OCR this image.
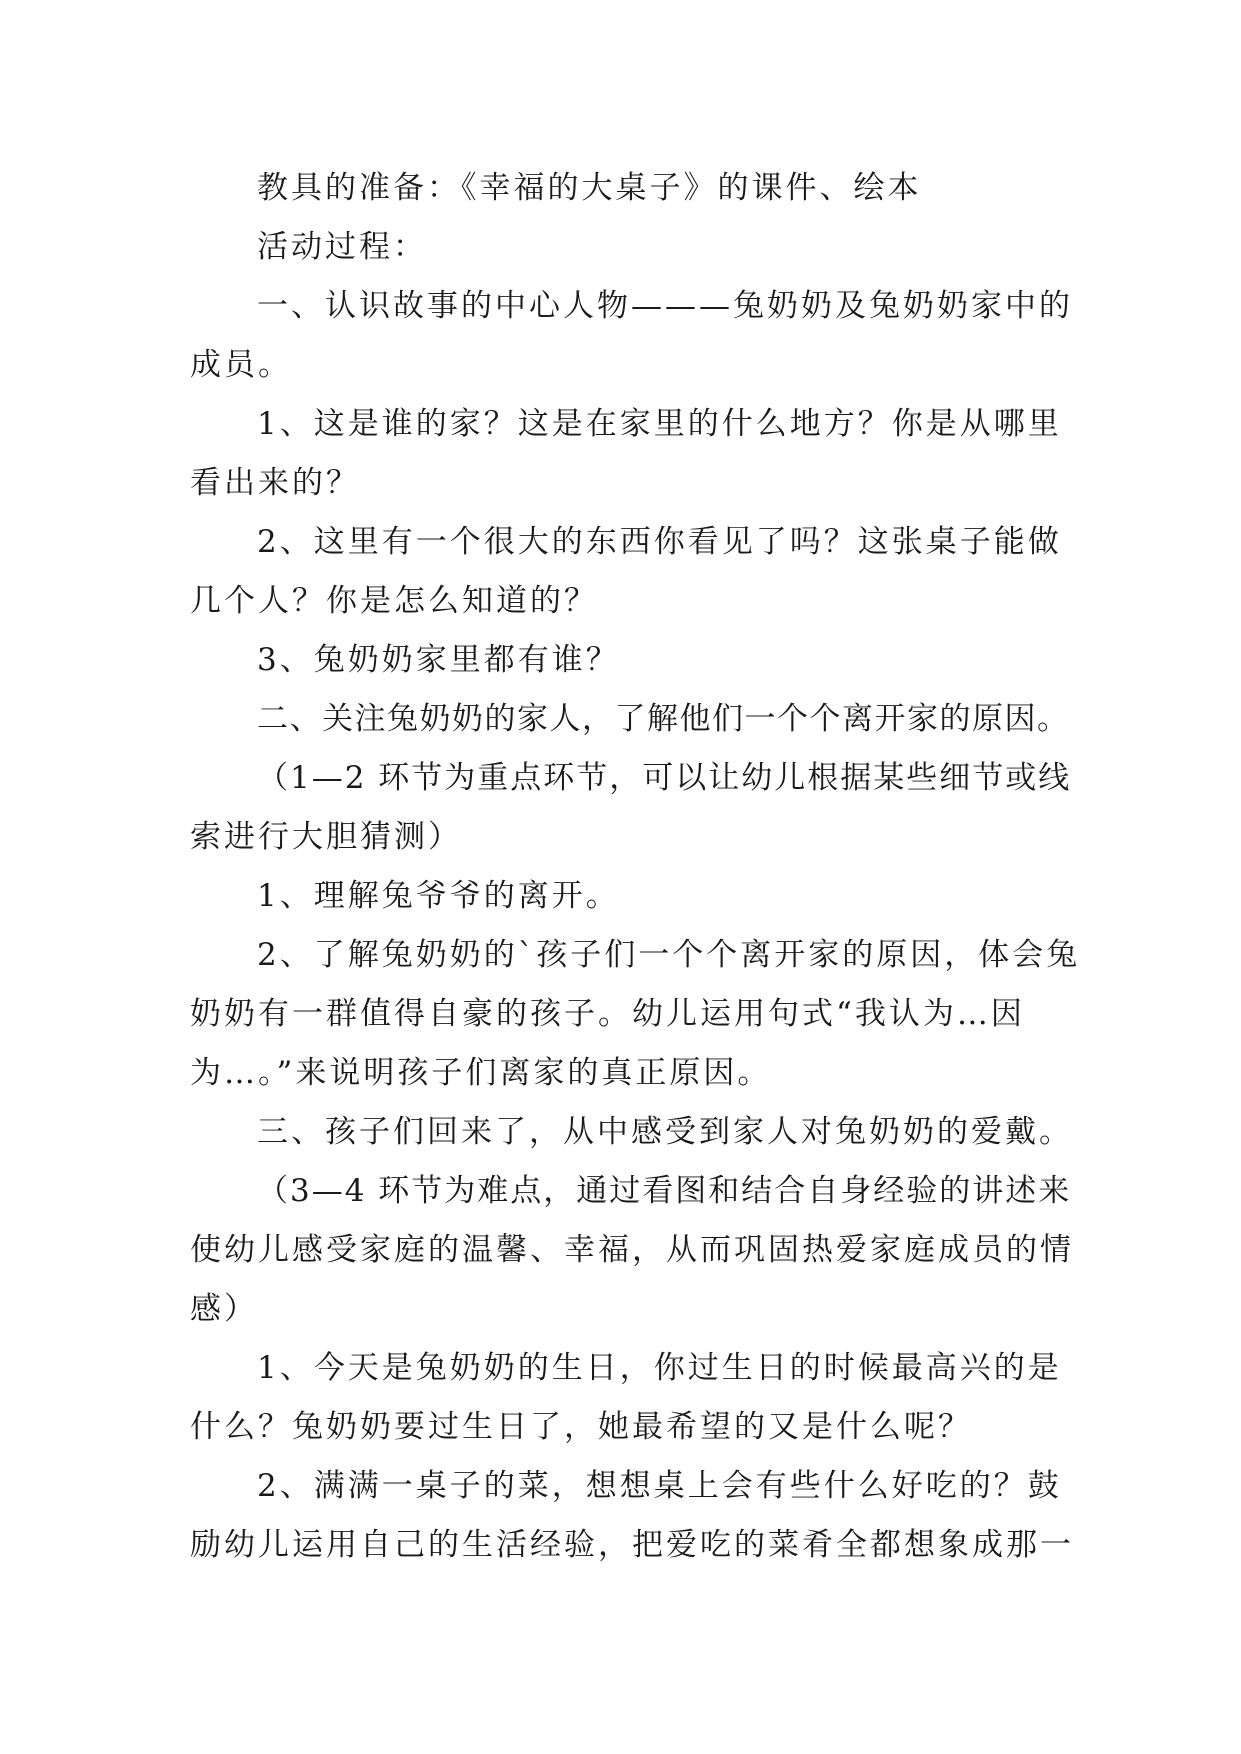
教具的准备：《幸福的大桌子》的课件、绘本
活动过程：
一、认识故事的中心人物———兔奶奶及兔奶奶家中的
成员。
1、这是谁的家？这是在家里的什么地方？你是从哪里
看出来的？
2、这里有一个很大的东西你看见了吗？这张桌子能做
几个人？你是怎么知道的？
3、兔奶奶家里都有谁？
二、关注兔奶奶的家人，了解他们一个个离开家的原因。
（1—2 环节为重点环节，可以让幼儿根据某些细节或线
索进行大胆猜测）
1、理解兔爷爷的离开。
2、了解兔奶奶的`孩子们一个个离开家的原因，体会兔
奶奶有一群值得自豪的孩子。幼儿运用句式“我认为…因
为…。”来说明孩子们离家的真正原因。
三、孩子们回来了，从中感受到家人对兔奶奶的爱戴。
（3—4 环节为难点，通过看图和结合自身经验的讲述来
使幼儿感受家庭的温馨、幸福，从而巩固热爱家庭成员的情
感）
1、今天是兔奶奶的生日，你过生日的时候最高兴的是
什么？兔奶奶要过生日了，她最希望的又是什么呢？
2、满满一桌子的菜，想想桌上会有些什么好吃的？鼓
励幼儿运用自己的生活经验，把爱吃的菜肴全都想象成那一
